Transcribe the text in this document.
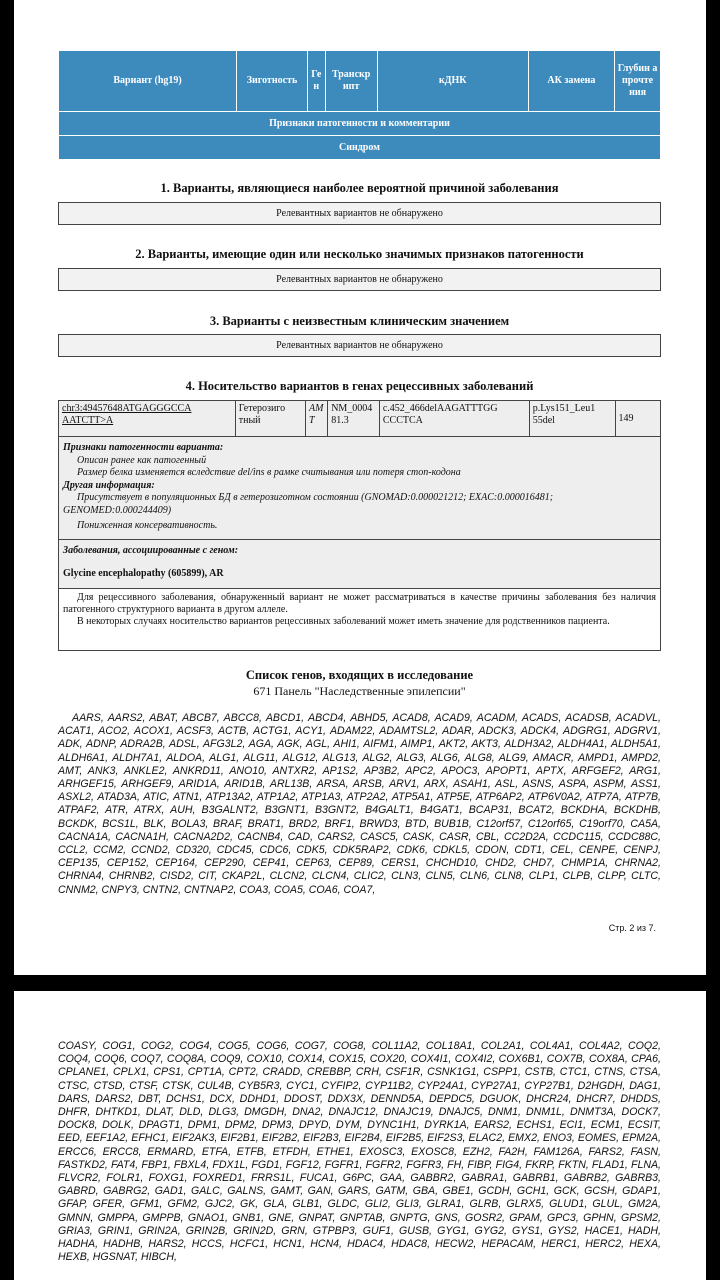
Вариант (hg19)	Зиготность	Ге н	Транскр ипт	кДНК	АК замена	Глубин а прочте ния
Признаки патогенности и комментарии
Синдром
1. Варианты, являющиеся наиболее вероятной причиной заболевания
Релевантных вариантов не обнаружено
2. Варианты, имеющие один или несколько значимых признаков патогенности
Релевантных вариантов не обнаружено
3. Варианты с неизвестным клиническим значением
Релевантных вариантов не обнаружено
4. Носительство вариантов в генах рецессивных заболеваний
chr3:49457648ATGAGGGCCA AATCTT>A	Гетерозиго тный	AM T	NM_0004 81.3	c.452_466delAAGATTTGG CCCTCA	p.Lys151_Leu1 55del	149
Признаки патогенности варианта:
Описан ранее как патогенный
Размер белка изменяется вследствие del/ins в рамке считывания или потеря стоп-кодона
Другая информация:
Присутствует в популяционных БД в гетерозиготном состоянии (GNOMAD:0.000021212; EXAC:0.000016481; GENOMED:0.000244409)
Пониженная консервативность.
Заболевания, ассоциированные с геном:
Glycine encephalopathy (605899), AR

Для рецессивного заболевания, обнаруженный вариант не может рассматриваться в качестве причины заболевания без наличия патогенного структурного варианта в другом аллеле.

В некоторых случаях носительство вариантов рецессивных заболеваний может иметь значение для родственников пациента.

Список генов, входящих в исследование
671 Панель "Наследственные эпилепсии"
AARS, AARS2, ABAT, ABCB7, ABCC8, ABCD1, ABCD4, ABHD5, ACAD8, ACAD9, ACADM, ACADS, ACADSB, ACADVL, ACAT1, ACO2, ACOX1, ACSF3, ACTB, ACTG1, ACY1, ADAM22, ADAMTSL2, ADAR, ADCK3, ADCK4, ADGRG1, ADGRV1, ADK, ADNP, ADRA2B, ADSL, AFG3L2, AGA, AGK, AGL, AHI1, AIFM1, AIMP1, AKT2, AKT3, ALDH3A2, ALDH4A1, ALDH5A1, ALDH6A1, ALDH7A1, ALDOA, ALG1, ALG11, ALG12, ALG13, ALG2, ALG3, ALG6, ALG8, ALG9, AMACR, AMPD1, AMPD2, AMT, ANK3, ANKLE2, ANKRD11, ANO10, ANTXR2, AP1S2, AP3B2, APC2, APOC3, APOPT1, APTX, ARFGEF2, ARG1, ARHGEF15, ARHGEF9, ARID1A, ARID1B, ARL13B, ARSA, ARSB, ARV1, ARX, ASAH1, ASL, ASNS, ASPA, ASPM, ASS1, ASXL2, ATAD3A, ATIC, ATN1, ATP13A2, ATP1A2, ATP1A3, ATP2A2, ATP5A1, ATP5E, ATP6AP2, ATP6V0A2, ATP7A, ATP7B, ATPAF2, ATR, ATRX, AUH, B3GALNT2, B3GNT1, B3GNT2, B4GALT1, B4GAT1, BCAP31, BCAT2, BCKDHA, BCKDHB, BCKDK, BCS1L, BLK, BOLA3, BRAF, BRAT1, BRD2, BRF1, BRWD3, BTD, BUB1B, C12orf57, C12orf65, C19orf70, CA5A, CACNA1A, CACNA1H, CACNA2D2, CACNB4, CAD, CARS2, CASC5, CASK, CASR, CBL, CC2D2A, CCDC115, CCDC88C, CCL2, CCM2, CCND2, CD320, CDC45, CDC6, CDK5, CDK5RAP2, CDK6, CDKL5, CDON, CDT1, CEL, CENPE, CENPJ, CEP135, CEP152, CEP164, CEP290, CEP41, CEP63, CEP89, CERS1, CHCHD10, CHD2, CHD7, CHMP1A, CHRNA2, CHRNA4, CHRNB2, CISD2, CIT, CKAP2L, CLCN2, CLCN4, CLIC2, CLN3, CLN5, CLN6, CLN8, CLP1, CLPB, CLPP, CLTC, CNNM2, CNPY3, CNTN2, CNTNAP2, COA3, COA5, COA6, COA7,
Стр. 2 из 7.
COASY, COG1, COG2, COG4, COG5, COG6, COG7, COG8, COL11A2, COL18A1, COL2A1, COL4A1, COL4A2, COQ2, COQ4, COQ6, COQ7, COQ8A, COQ9, COX10, COX14, COX15, COX20, COX4I1, COX4I2, COX6B1, COX7B, COX8A, CPA6, CPLANE1, CPLX1, CPS1, CPT1A, CPT2, CRADD, CREBBP, CRH, CSF1R, CSNK1G1, CSPP1, CSTB, CTC1, CTNS, CTSA, CTSC, CTSD, CTSF, CTSK, CUL4B, CYB5R3, CYC1, CYFIP2, CYP11B2, CYP24A1, CYP27A1, CYP27B1, D2HGDH, DAG1, DARS, DARS2, DBT, DCHS1, DCX, DDHD1, DDOST, DDX3X, DENND5A, DEPDC5, DGUOK, DHCR24, DHCR7, DHDDS, DHFR, DHTKD1, DLAT, DLD, DLG3, DMGDH, DNA2, DNAJC12, DNAJC19, DNAJC5, DNM1, DNM1L, DNMT3A, DOCK7, DOCK8, DOLK, DPAGT1, DPM1, DPM2, DPM3, DPYD, DYM, DYNC1H1, DYRK1A, EARS2, ECHS1, ECI1, ECM1, ECSIT, EED, EEF1A2, EFHC1, EIF2AK3, EIF2B1, EIF2B2, EIF2B3, EIF2B4, EIF2B5, EIF2S3, ELAC2, EMX2, ENO3, EOMES, EPM2A, ERCC6, ERCC8, ERMARD, ETFA, ETFB, ETFDH, ETHE1, EXOSC3, EXOSC8, EZH2, FA2H, FAM126A, FARS2, FASN, FASTKD2, FAT4, FBP1, FBXL4, FDX1L, FGD1, FGF12, FGFR1, FGFR2, FGFR3, FH, FIBP, FIG4, FKRP, FKTN, FLAD1, FLNA, FLVCR2, FOLR1, FOXG1, FOXRED1, FRRS1L, FUCA1, G6PC, GAA, GABBR2, GABRA1, GABRB1, GABRB2, GABRB3, GABRD, GABRG2, GAD1, GALC, GALNS, GAMT, GAN, GARS, GATM, GBA, GBE1, GCDH, GCH1, GCK, GCSH, GDAP1, GFAP, GFER, GFM1, GFM2, GJC2, GK, GLA, GLB1, GLDC, GLI2, GLI3, GLRA1, GLRB, GLRX5, GLUD1, GLUL, GM2A, GMNN, GMPPA, GMPPB, GNAO1, GNB1, GNE, GNPAT, GNPTAB, GNPTG, GNS, GOSR2, GPAM, GPC3, GPHN, GPSM2, GRIA3, GRIN1, GRIN2A, GRIN2B, GRIN2D, GRN, GTPBP3, GUF1, GUSB, GYG1, GYG2, GYS1, GYS2, HACE1, HADH, HADHA, HADHB, HARS2, HCCS, HCFC1, HCN1, HCN4, HDAC4, HDAC8, HECW2, HEPACAM, HERC1, HERC2, HEXA, HEXB, HGSNAT, HIBCH,
